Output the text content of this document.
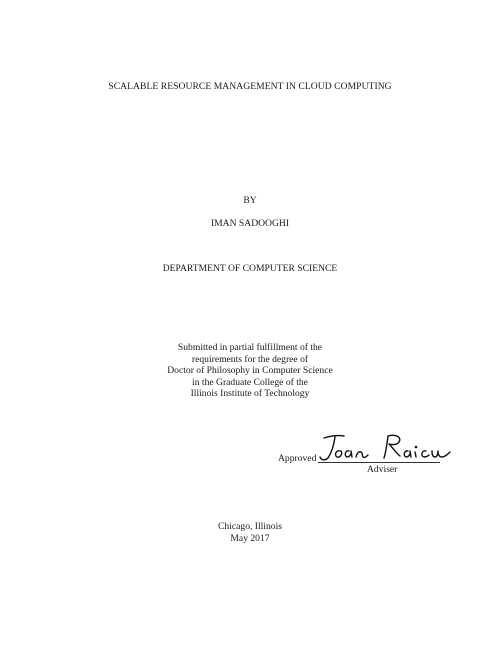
SCALABLE RESOURCE MANAGEMENT IN CLOUD COMPUTING
BY
IMAN SADOOGHI
DEPARTMENT OF COMPUTER SCIENCE
Submitted in partial fulfillment of the
requirements for the degree of
Doctor of Philosophy in Computer Science
in the Graduate College of the
Illinois Institute of Technology
Approved
Adviser
Chicago, Illinois
May 2017
